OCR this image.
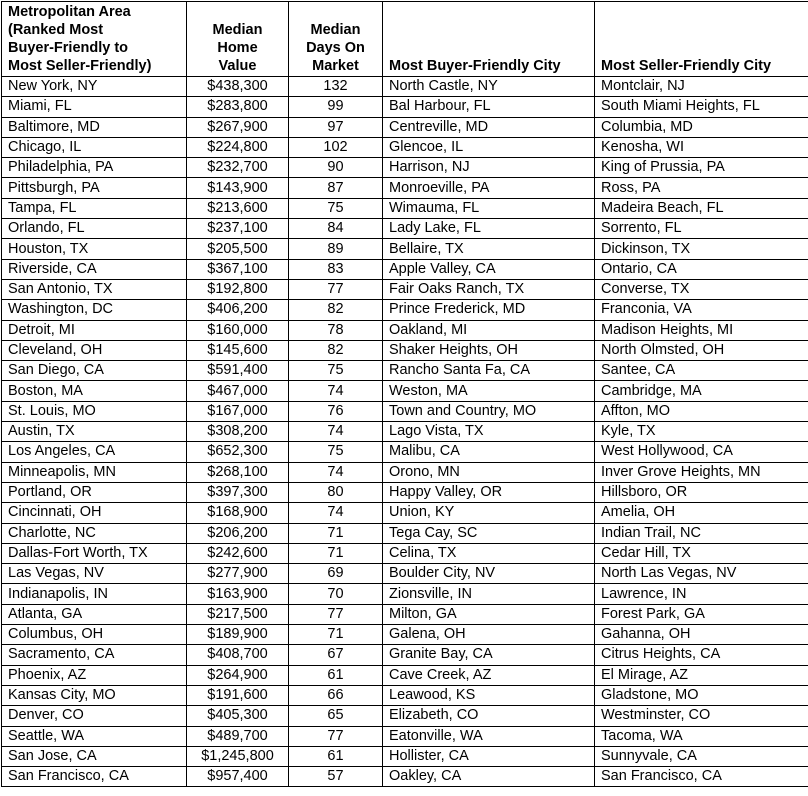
Metropolitan Area
(Ranked Most
Buyer-Friendly to
Most Seller-Friendly)	Median
Home
Value	Median
Days On
Market	Most Buyer-Friendly City	Most Seller-Friendly City
New York, NY	$438,300	132	North Castle, NY	Montclair, NJ
Miami, FL	$283,800	99	Bal Harbour, FL	South Miami Heights, FL
Baltimore, MD	$267,900	97	Centreville, MD	Columbia, MD
Chicago, IL	$224,800	102	Glencoe, IL	Kenosha, WI
Philadelphia, PA	$232,700	90	Harrison, NJ	King of Prussia, PA
Pittsburgh, PA	$143,900	87	Monroeville, PA	Ross, PA
Tampa, FL	$213,600	75	Wimauma, FL	Madeira Beach, FL
Orlando, FL	$237,100	84	Lady Lake, FL	Sorrento, FL
Houston, TX	$205,500	89	Bellaire, TX	Dickinson, TX
Riverside, CA	$367,100	83	Apple Valley, CA	Ontario, CA
San Antonio, TX	$192,800	77	Fair Oaks Ranch, TX	Converse, TX
Washington, DC	$406,200	82	Prince Frederick, MD	Franconia, VA
Detroit, MI	$160,000	78	Oakland, MI	Madison Heights, MI
Cleveland, OH	$145,600	82	Shaker Heights, OH	North Olmsted, OH
San Diego, CA	$591,400	75	Rancho Santa Fa, CA	Santee, CA
Boston, MA	$467,000	74	Weston, MA	Cambridge, MA
St. Louis, MO	$167,000	76	Town and Country, MO	Affton, MO
Austin, TX	$308,200	74	Lago Vista, TX	Kyle, TX
Los Angeles, CA	$652,300	75	Malibu, CA	West Hollywood, CA
Minneapolis, MN	$268,100	74	Orono, MN	Inver Grove Heights, MN
Portland, OR	$397,300	80	Happy Valley, OR	Hillsboro, OR
Cincinnati, OH	$168,900	74	Union, KY	Amelia, OH
Charlotte, NC	$206,200	71	Tega Cay, SC	Indian Trail, NC
Dallas-Fort Worth, TX	$242,600	71	Celina, TX	Cedar Hill, TX
Las Vegas, NV	$277,900	69	Boulder City, NV	North Las Vegas, NV
Indianapolis, IN	$163,900	70	Zionsville, IN	Lawrence, IN
Atlanta, GA	$217,500	77	Milton, GA	Forest Park, GA
Columbus, OH	$189,900	71	Galena, OH	Gahanna, OH
Sacramento, CA	$408,700	67	Granite Bay, CA	Citrus Heights, CA
Phoenix, AZ	$264,900	61	Cave Creek, AZ	El Mirage, AZ
Kansas City, MO	$191,600	66	Leawood, KS	Gladstone, MO
Denver, CO	$405,300	65	Elizabeth, CO	Westminster, CO
Seattle, WA	$489,700	77	Eatonville, WA	Tacoma, WA
San Jose, CA	$1,245,800	61	Hollister, CA	Sunnyvale, CA
San Francisco, CA	$957,400	57	Oakley, CA	San Francisco, CA
